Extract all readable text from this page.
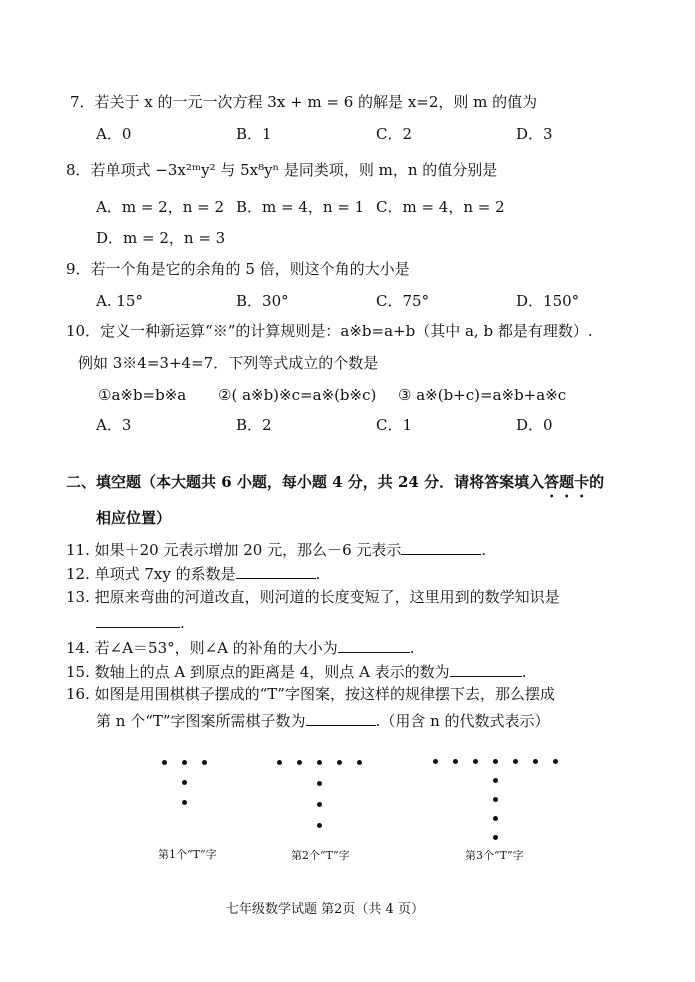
7．若关于 x 的一元一次方程 3x + m = 6 的解是 x=2，则 m 的值为
A．0	B．1	C．2	D．3
8．若单项式 −3x²ᵐy² 与 5x⁸yⁿ 是同类项，则 m，n 的值分别是
A．m = 2，n = 2 B．m = 4，n = 1 C．m = 4，n = 2
D．m = 2，n = 3
9．若一个角是它的余角的 5 倍，则这个角的大小是
A. 15°	B．30°	C．75°	D．150°
10．定义一种新运算“※”的计算规则是：a※b=a+b（其中 a, b 都是有理数）.
例如 3※4=3+4=7．下列等式成立的个数是
①a※b=b※a ②( a※b)※c=a※(b※c) ③ a※(b+c)=a※b+a※c
A．3	B．2	C．1	D．0
二、填空题（本大题共 6 小题，每小题 4 分，共 24 分．请将答案填入答题卡的
相应位置）
11. 如果＋20 元表示增加 20 元，那么－6 元表示	.
12. 单项式 7xy 的系数是	.
13. 把原来弯曲的河道改直，则河道的长度变短了，这里用到的数学知识是
.
14. 若∠A＝53°，则∠A 的补角的大小为	.
15. 数轴上的点 A 到原点的距离是 4，则点 A 表示的数为	.
16. 如图是用围棋棋子摆成的“T”字图案，按这样的规律摆下去，那么摆成
第 n 个“T”字图案所需棋子数为	.（用含 n 的代数式表示）
第1个“T”字	第2个“T”字	第3个“T”字
七年级数学试题 第2页（共 4 页）
